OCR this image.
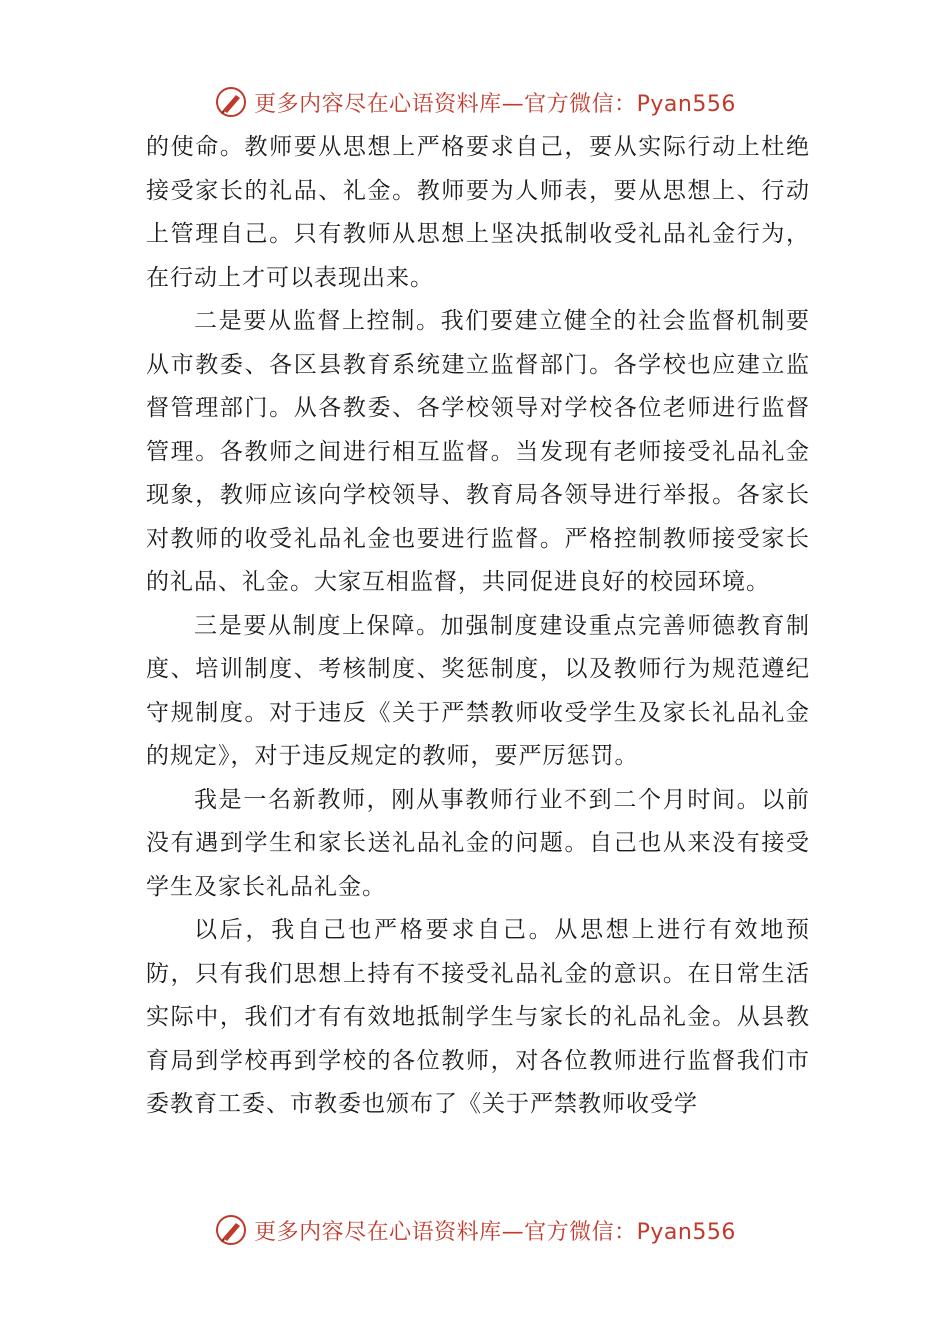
更多内容尽在心语资料库—官方微信：Pyan556

的使命。教师要从思想上严格要求自己，要从实际行动上杜绝接受家长的礼品、礼金。教师要为人师表，要从思想上、行动上管理自己。只有教师从思想上坚决抵制收受礼品礼金行为，在行动上才可以表现出来。

二是要从监督上控制。我们要建立健全的社会监督机制要从市教委、各区县教育系统建立监督部门。各学校也应建立监督管理部门。从各教委、各学校领导对学校各位老师进行监督管理。各教师之间进行相互监督。当发现有老师接受礼品礼金现象，教师应该向学校领导、教育局各领导进行举报。各家长对教师的收受礼品礼金也要进行监督。严格控制教师接受家长的礼品、礼金。大家互相监督，共同促进良好的校园环境。

三是要从制度上保障。加强制度建设重点完善师德教育制度、培训制度、考核制度、奖惩制度，以及教师行为规范遵纪守规制度。对于违反《关于严禁教师收受学生及家长礼品礼金的规定》，对于违反规定的教师，要严厉惩罚。

我是一名新教师，刚从事教师行业不到二个月时间。以前没有遇到学生和家长送礼品礼金的问题。自己也从来没有接受学生及家长礼品礼金。

以后，我自己也严格要求自己。从思想上进行有效地预防，只有我们思想上持有不接受礼品礼金的意识。在日常生活实际中，我们才有有效地抵制学生与家长的礼品礼金。从县教育局到学校再到学校的各位教师，对各位教师进行监督我们市委教育工委、市教委也颁布了《关于严禁教师收受学

更多内容尽在心语资料库—官方微信：Pyan556
